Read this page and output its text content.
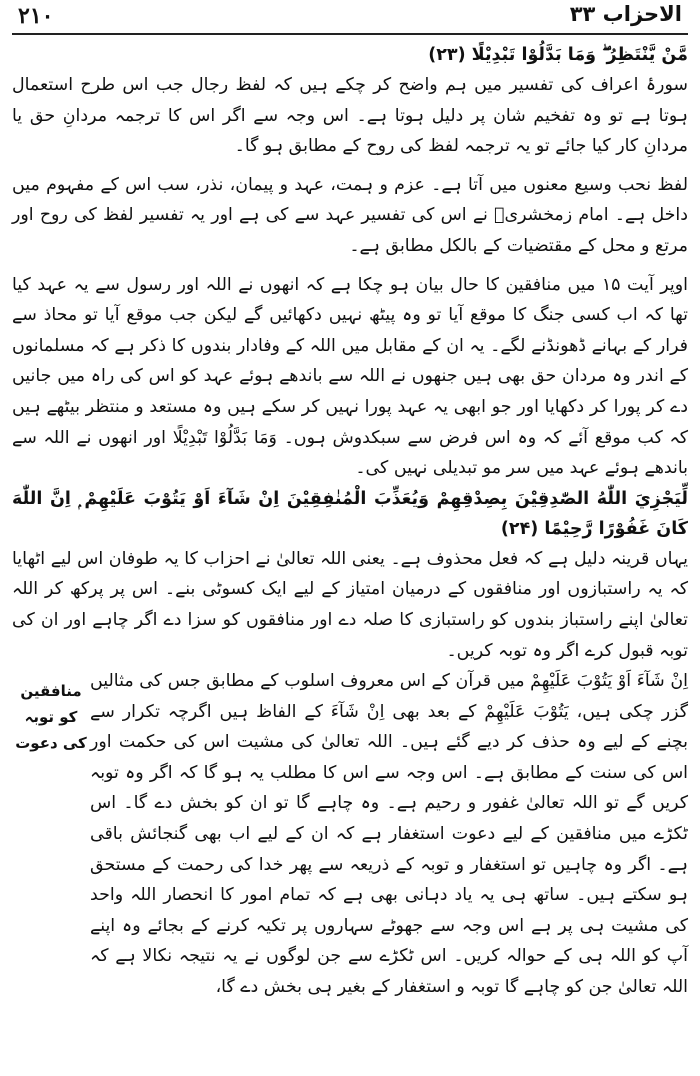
۲۱۰	الاحزاب ۳۳

مَّنْ يَّنْتَظِرُ ۖ وَمَا بَدَّلُوْا تَبْدِيْلًا (۲۳)

سورۂ اعراف کی تفسیر میں ہم واضح کر چکے ہیں کہ لفظ رجال جب اس طرح استعمال ہوتا ہے تو وہ تفخیم شان پر دلیل ہوتا ہے۔ اس وجہ سے اگر اس کا ترجمہ مردانِ حق یا مردانِ کار کیا جائے تو یہ ترجمہ لفظ کی روح کے مطابق ہو گا۔

لفظ نحب وسیع معنوں میں آتا ہے۔ عزم و ہمت، عہد و پیمان، نذر، سب اس کے مفہوم میں داخل ہے۔ امام زمخشریؒ نے اس کی تفسیر عہد سے کی ہے اور یہ تفسیر لفظ کی روح اور مرتع و محل کے مقتضیات کے بالکل مطابق ہے۔

اوپر آیت ۱۵ میں منافقین کا حال بیان ہو چکا ہے کہ انھوں نے اللہ اور رسول سے یہ عہد کیا تھا کہ اب کسی جنگ کا موقع آیا تو وہ پیٹھ نہیں دکھائیں گے لیکن جب موقع آیا تو محاذ سے فرار کے بہانے ڈھونڈنے لگے۔ یہ ان کے مقابل میں اللہ کے وفادار بندوں کا ذکر ہے کہ مسلمانوں کے اندر وہ مردان حق بھی ہیں جنھوں نے اللہ سے باندھے ہوئے عہد کو اس کی راہ میں جانیں دے کر پورا کر دکھایا اور جو ابھی یہ عہد پورا نہیں کر سکے ہیں وہ مستعد و منتظر بیٹھے ہیں کہ کب موقع آئے کہ وہ اس فرض سے سبکدوش ہوں۔ وَمَا بَدَّلُوْا تَبْدِيْلًا اور انھوں نے اللہ سے باندھے ہوئے عہد میں سر مو تبدیلی نہیں کی۔

لِّيَجْزِيَ اللّٰهُ الصّٰدِقِيْنَ بِصِدْقِهِمْ وَيُعَذِّبَ الْمُنٰفِقِيْنَ اِنْ شَآءَ اَوْ يَتُوْبَ عَلَيْهِمْ ۭ اِنَّ اللّٰهَ كَانَ غَفُوْرًا رَّحِيْمًا (۲۴)

یہاں قرینہ دلیل ہے کہ فعل محذوف ہے۔ یعنی اللہ تعالیٰ نے احزاب کا یہ طوفان اس لیے اٹھایا کہ یہ راستبازوں اور منافقوں کے درمیان امتیاز کے لیے ایک کسوٹی بنے۔ اس پر پرکھ کر اللہ تعالیٰ اپنے راستباز بندوں کو راستبازی کا صلہ دے اور منافقوں کو سزا دے اگر چاہے اور ان کی توبہ قبول کرے اگر وہ توبہ کریں۔

اِنْ شَآءَ اَوْ يَتُوْبَ عَلَيْهِمْ میں قرآن کے اس معروف اسلوب کے مطابق جس کی مثالیں گزر چکی ہیں، يَتُوْبَ عَلَيْهِمْ کے بعد بھی اِنْ شَآءَ کے الفاظ ہیں اگرچہ تکرار سے بچنے کے لیے وہ حذف کر دیے گئے ہیں۔ اللہ تعالیٰ کی مشیت اس کی حکمت اور اس کی سنت کے مطابق ہے۔ اس وجہ سے اس کا مطلب یہ ہو گا کہ اگر وہ توبہ کریں گے تو اللہ تعالیٰ غفور و رحیم ہے۔ وہ چاہے گا تو ان کو بخش دے گا۔ اس ٹکڑے میں منافقین کے لیے دعوت استغفار ہے کہ ان کے لیے اب بھی گنجائش باقی ہے۔ اگر وہ چاہیں تو استغفار و توبہ کے ذریعہ سے پھر خدا کی رحمت کے مستحق ہو سکتے ہیں۔ ساتھ ہی یہ یاد دہانی بھی ہے کہ تمام امور کا انحصار اللہ واحد کی مشیت ہی پر ہے اس وجہ سے جھوٹے سہاروں پر تکیہ کرنے کے بجائے وہ اپنے آپ کو اللہ ہی کے حوالہ کریں۔ اس ٹکڑے سے جن لوگوں نے یہ نتیجہ نکالا ہے کہ اللہ تعالیٰ جن کو چاہے گا توبہ و استغفار کے بغیر ہی بخش دے گا،

منافقین کو توبہ کی دعوت
